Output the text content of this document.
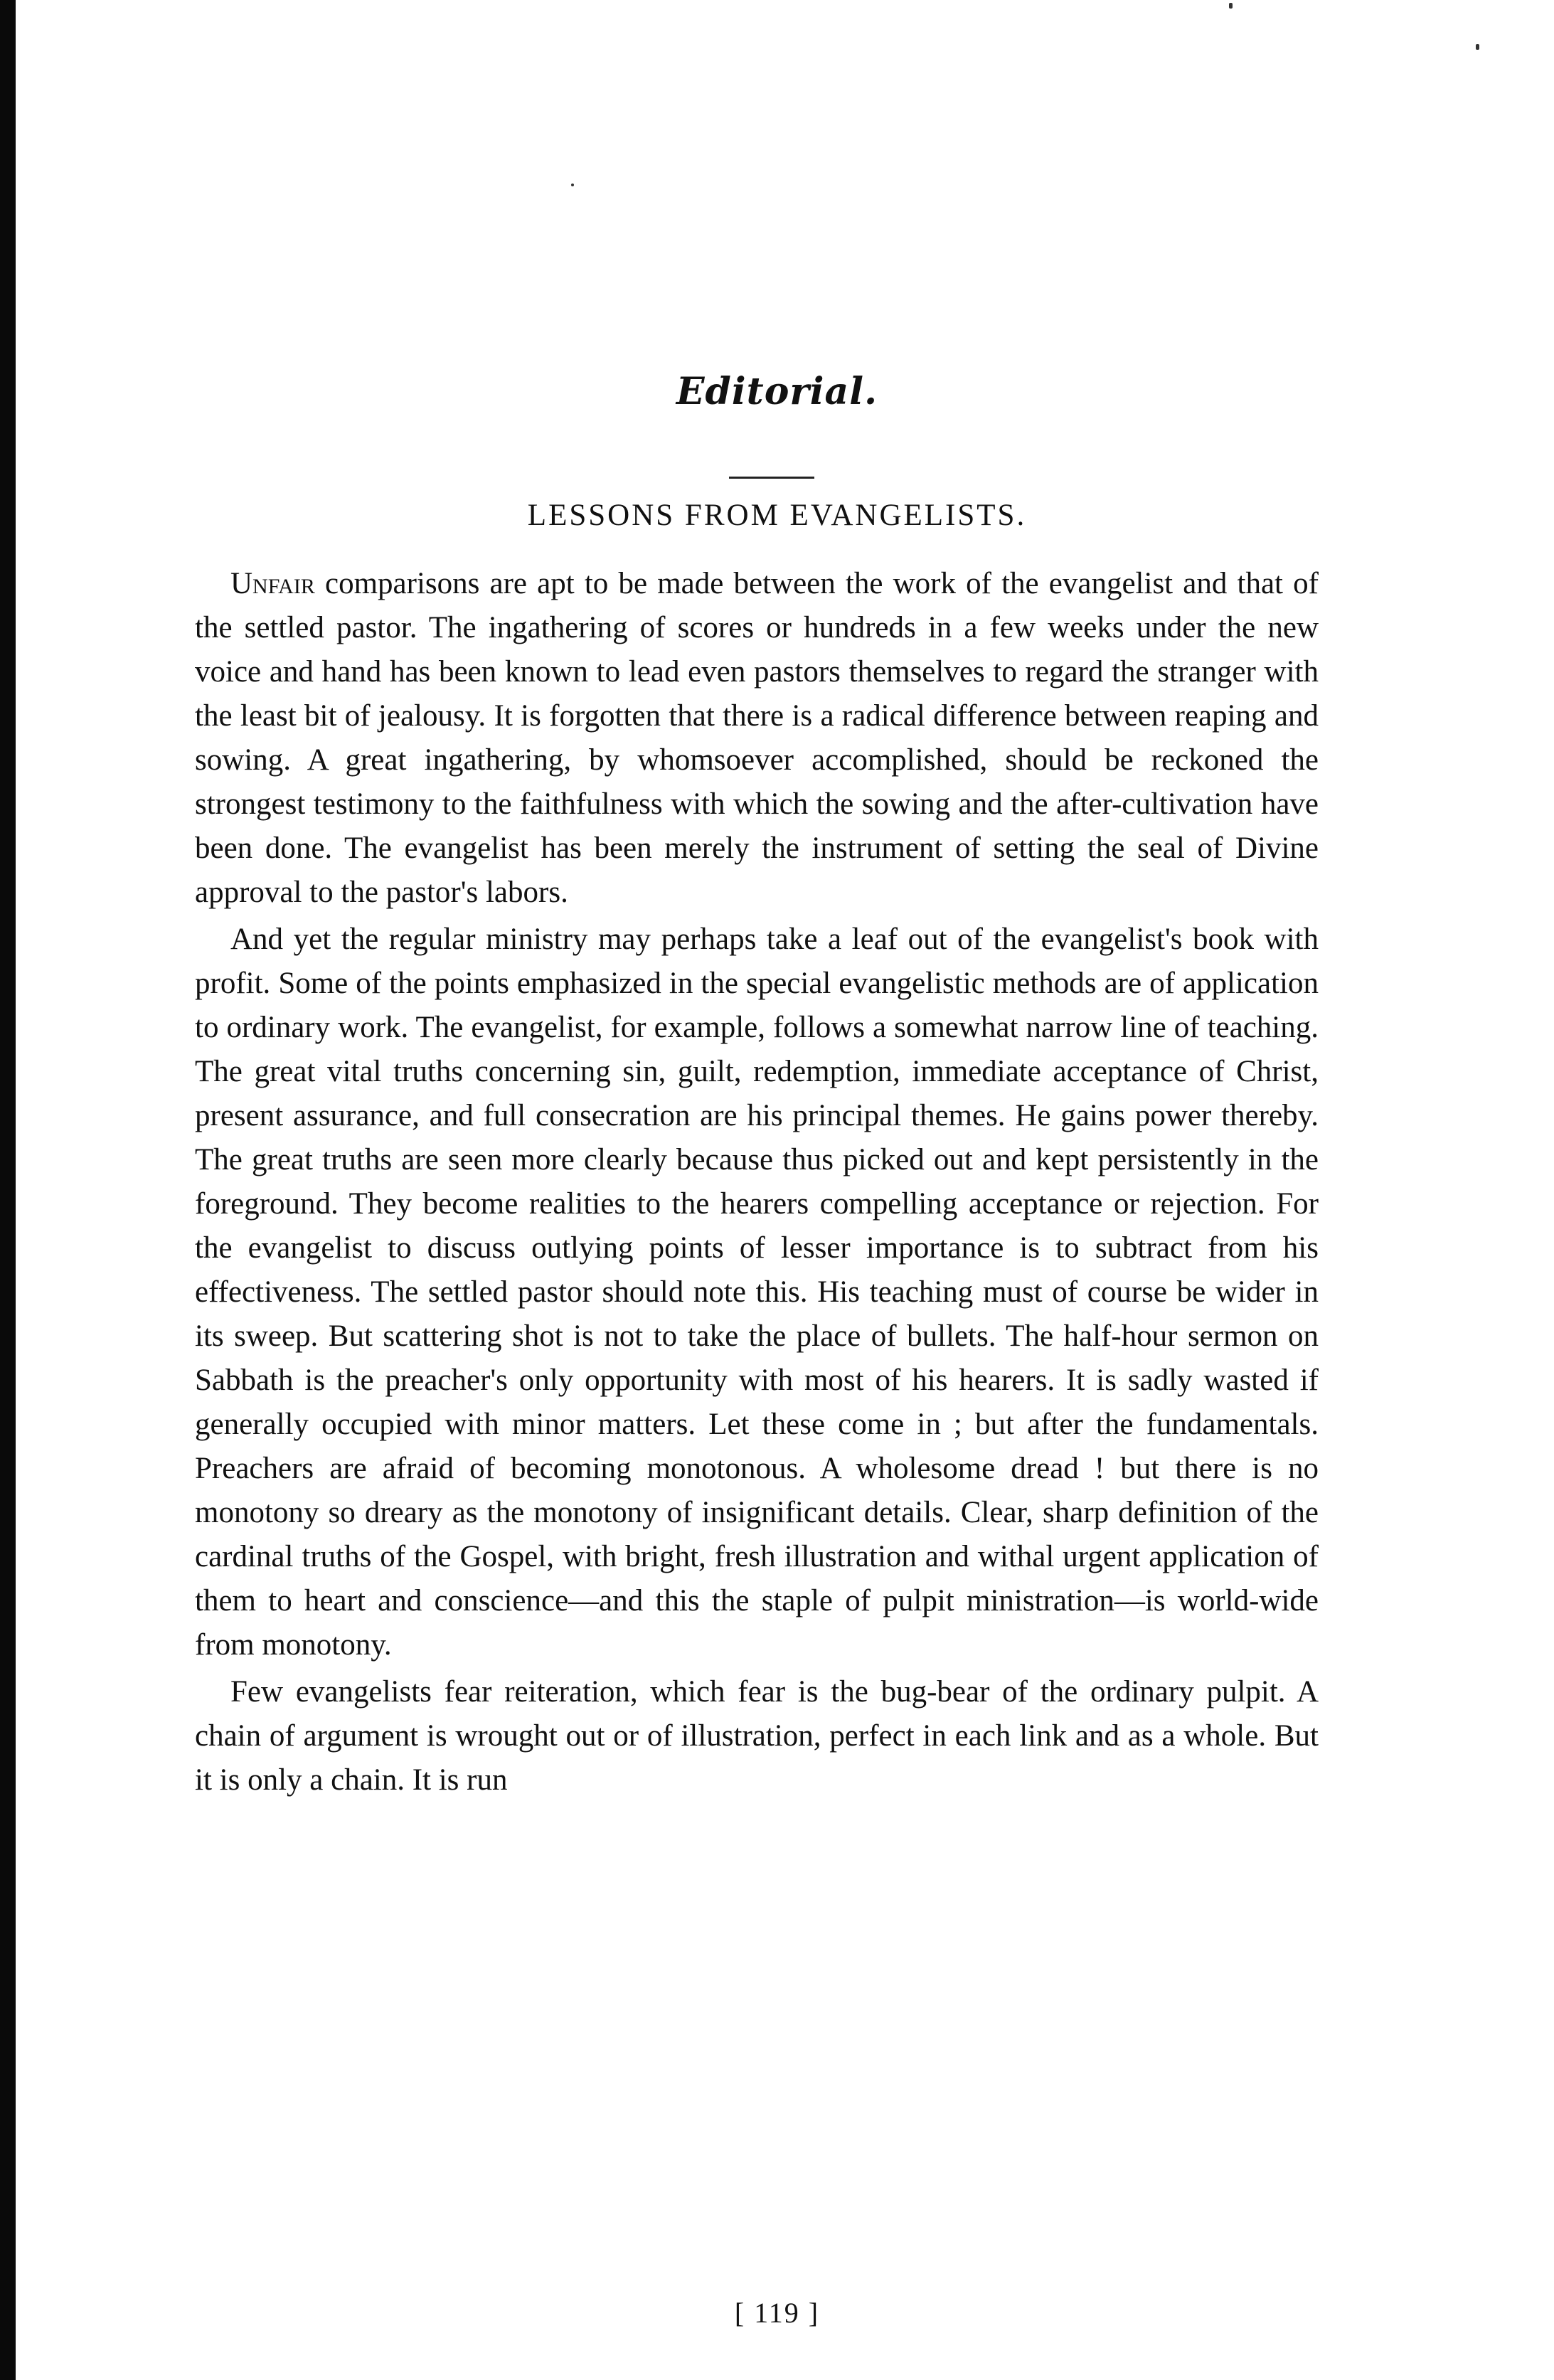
Editorial.
LESSONS FROM EVANGELISTS.

Unfair comparisons are apt to be made between the work of the evangelist and that of the settled pastor. The ingathering of scores or hundreds in a few weeks under the new voice and hand has been known to lead even pastors themselves to regard the stranger with the least bit of jealousy. It is forgotten that there is a radical difference between reaping and sowing. A great ingathering, by whomsoever accomplished, should be reckoned the strongest testimony to the faithfulness with which the sowing and the after-cultivation have been done. The evangelist has been merely the instrument of setting the seal of Divine approval to the pastor's labors.

And yet the regular ministry may perhaps take a leaf out of the evangelist's book with profit. Some of the points emphasized in the special evangelistic methods are of application to ordinary work. The evangelist, for example, follows a somewhat narrow line of teaching. The great vital truths concerning sin, guilt, redemption, immediate acceptance of Christ, present assurance, and full consecration are his principal themes. He gains power thereby. The great truths are seen more clearly because thus picked out and kept persistently in the foreground. They become realities to the hearers compelling acceptance or rejection. For the evangelist to discuss outlying points of lesser importance is to subtract from his effectiveness. The settled pastor should note this. His teaching must of course be wider in its sweep. But scattering shot is not to take the place of bullets. The half-hour sermon on Sabbath is the preacher's only opportunity with most of his hearers. It is sadly wasted if generally occupied with minor matters. Let these come in ; but after the fundamentals. Preachers are afraid of becoming monotonous. A wholesome dread ! but there is no monotony so dreary as the monotony of insignificant details. Clear, sharp definition of the cardinal truths of the Gospel, with bright, fresh illustration and withal urgent application of them to heart and conscience—and this the staple of pulpit ministration—is world-wide from monotony.

Few evangelists fear reiteration, which fear is the bug-bear of the ordinary pulpit. A chain of argument is wrought out or of illustration, perfect in each link and as a whole. But it is only a chain. It is run

[ 119 ]
